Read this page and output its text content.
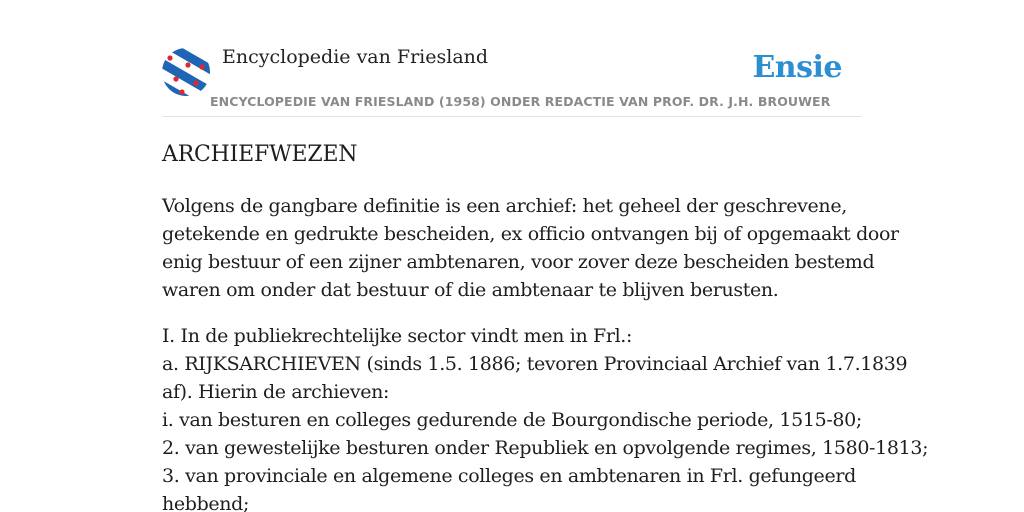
Encyclopedie van Friesland	Ensie
ENCYCLOPEDIE VAN FRIESLAND (1958) ONDER REDACTIE VAN PROF. DR. J.H. BROUWER
ARCHIEFWEZEN

Volgens de gangbare definitie is een archief: het geheel der geschrevene,
getekende en gedrukte bescheiden, ex officio ontvangen bij of opgemaakt door
enig bestuur of een zijner ambtenaren, voor zover deze bescheiden bestemd
waren om onder dat bestuur of die ambtenaar te blijven berusten.

I. In de publiekrechtelijke sector vindt men in Frl.:
a. RIJKSARCHIEVEN (sinds 1.5. 1886; tevoren Provinciaal Archief van 1.7.1839
af). Hierin de archieven:
i. van besturen en colleges gedurende de Bourgondische periode, 1515-80;
2. van gewestelijke besturen onder Republiek en opvolgende regimes, 1580-1813;
3. van provinciale en algemene colleges en ambtenaren in Frl. gefungeerd
hebbend;
